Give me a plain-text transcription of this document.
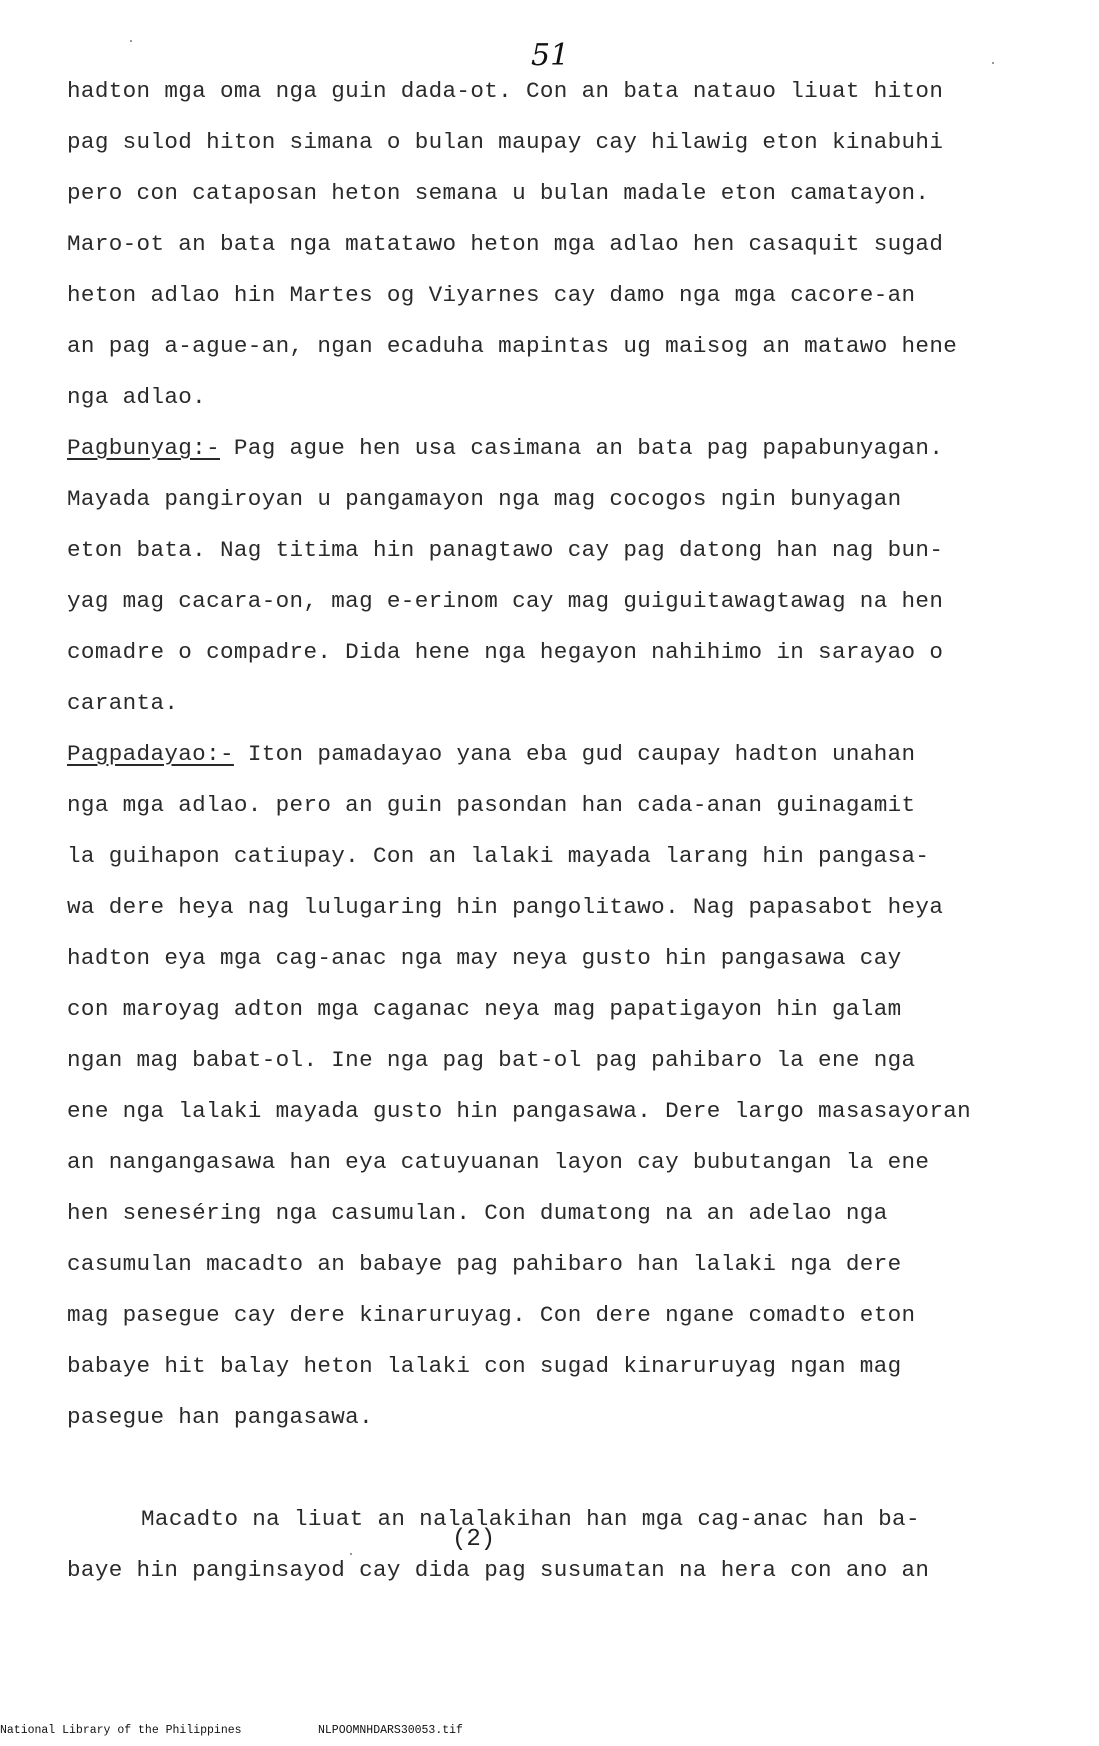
51
hadton mga oma nga guin dada-ot. Con an bata natauo liuat hiton
pag sulod hiton simana o bulan maupay cay hilawig eton kinabuhi
pero con cataposan heton semana u bulan madale eton camatayon.
Maro-ot an bata nga matatawo heton mga adlao hen casaquit sugad
heton adlao hin Martes og Viyarnes cay damo nga mga cacore-an
an pag a-ague-an, ngan ecaduha mapintas ug maisog an matawo hene
nga adlao.
Pagbunyag:- Pag ague hen usa casimana an bata pag papabunyagan.
Mayada pangiroyan u pangamayon nga mag cocogos ngin bunyagan
eton bata. Nag titima hin panagtawo cay pag datong han nag bun-
yag mag cacara-on, mag e-erinom cay mag guiguitawagtawag na hen
comadre o compadre. Dida hene nga hegayon nahihimo in sarayao o
caranta.
Pagpadayao:- Iton pamadayao yana eba gud caupay hadton unahan
nga mga adlao. pero an guin pasondan han cada-anan guinagamit
la guihapon catiupay. Con an lalaki mayada larang hin pangasa-
wa dere heya nag lulugaring hin pangolitawo. Nag papasabot heya
hadton eya mga cag-anac nga may neya gusto hin pangasawa cay
con maroyag adton mga caganac neya mag papatigayon hin galam
ngan mag babat-ol. Ine nga pag bat-ol pag pahibaro la ene nga
ene nga lalaki mayada gusto hin pangasawa. Dere largo masasayoran
an nangangasawa han eya catuyuanan layon cay bubutangan la ene
hen seneséring nga casumulan. Con dumatong na an adelao nga
casumulan macadto an babaye pag pahibaro han lalaki nga dere
mag pasegue cay dere kinaruruyag. Con dere ngane comadto eton
babaye hit balay heton lalaki con sugad kinaruruyag ngan mag
pasegue han pangasawa.
Macadto na liuat an nalalakihan han mga cag-anac han ba-
baye hin panginsayod cay dida pag susumatan na hera con ano an
(2)
National Library of the Philippines	NLPOOMNHDARS30053.tif
